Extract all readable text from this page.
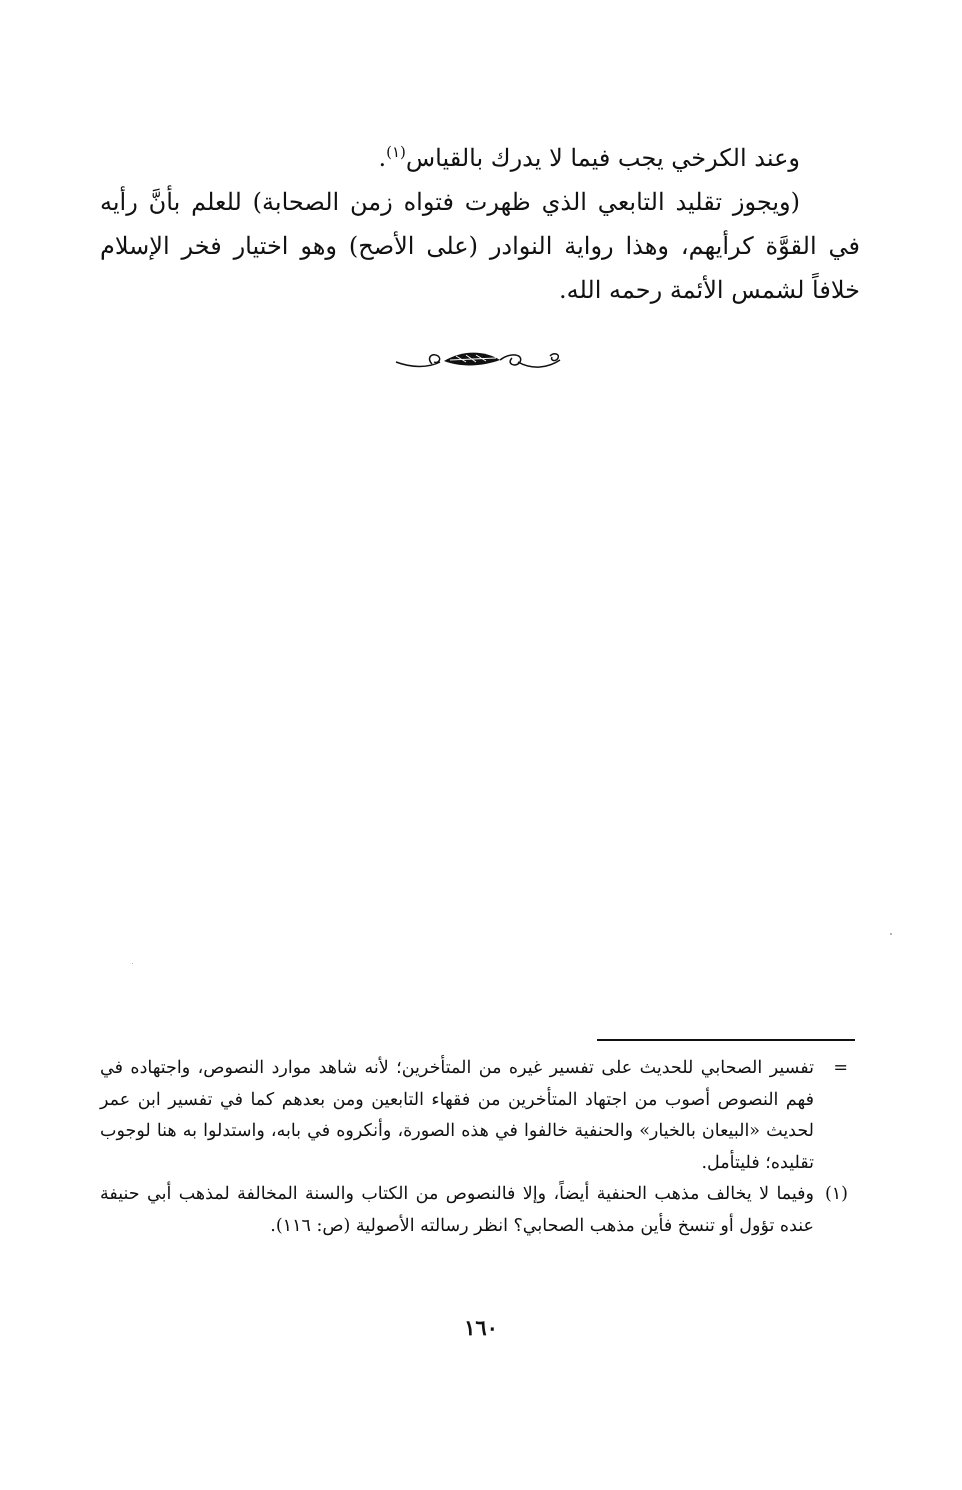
وعند الكرخي يجب فيما لا يدرك بالقياس$^{(١)}$.

(ويجوز تقليد التابعي الذي ظهرت فتواه زمن الصحابة) للعلم بأنَّ رأيه في القوَّة كرأيهم، وهذا رواية النوادر (على الأصح) وهو اختيار فخر الإسلام خلافاً لشمس الأئمة رحمه الله.

=
تفسير الصحابي للحديث على تفسير غيره من المتأخرين؛ لأنه شاهد موارد النصوص، واجتهاده في فهم النصوص أصوب من اجتهاد المتأخرين من فقهاء التابعين ومن بعدهم كما في تفسير ابن عمر لحديث «البيعان بالخيار» والحنفية خالفوا في هذه الصورة، وأنكروه في بابه، واستدلوا به هنا لوجوب تقليده؛ فليتأمل.
(١)
وفيما لا يخالف مذهب الحنفية أيضاً، وإلا فالنصوص من الكتاب والسنة المخالفة لمذهب أبي حنيفة عنده تؤول أو تنسخ فأين مذهب الصحابي؟ انظر رسالته الأصولية (ص: ١١٦).
١٦٠
